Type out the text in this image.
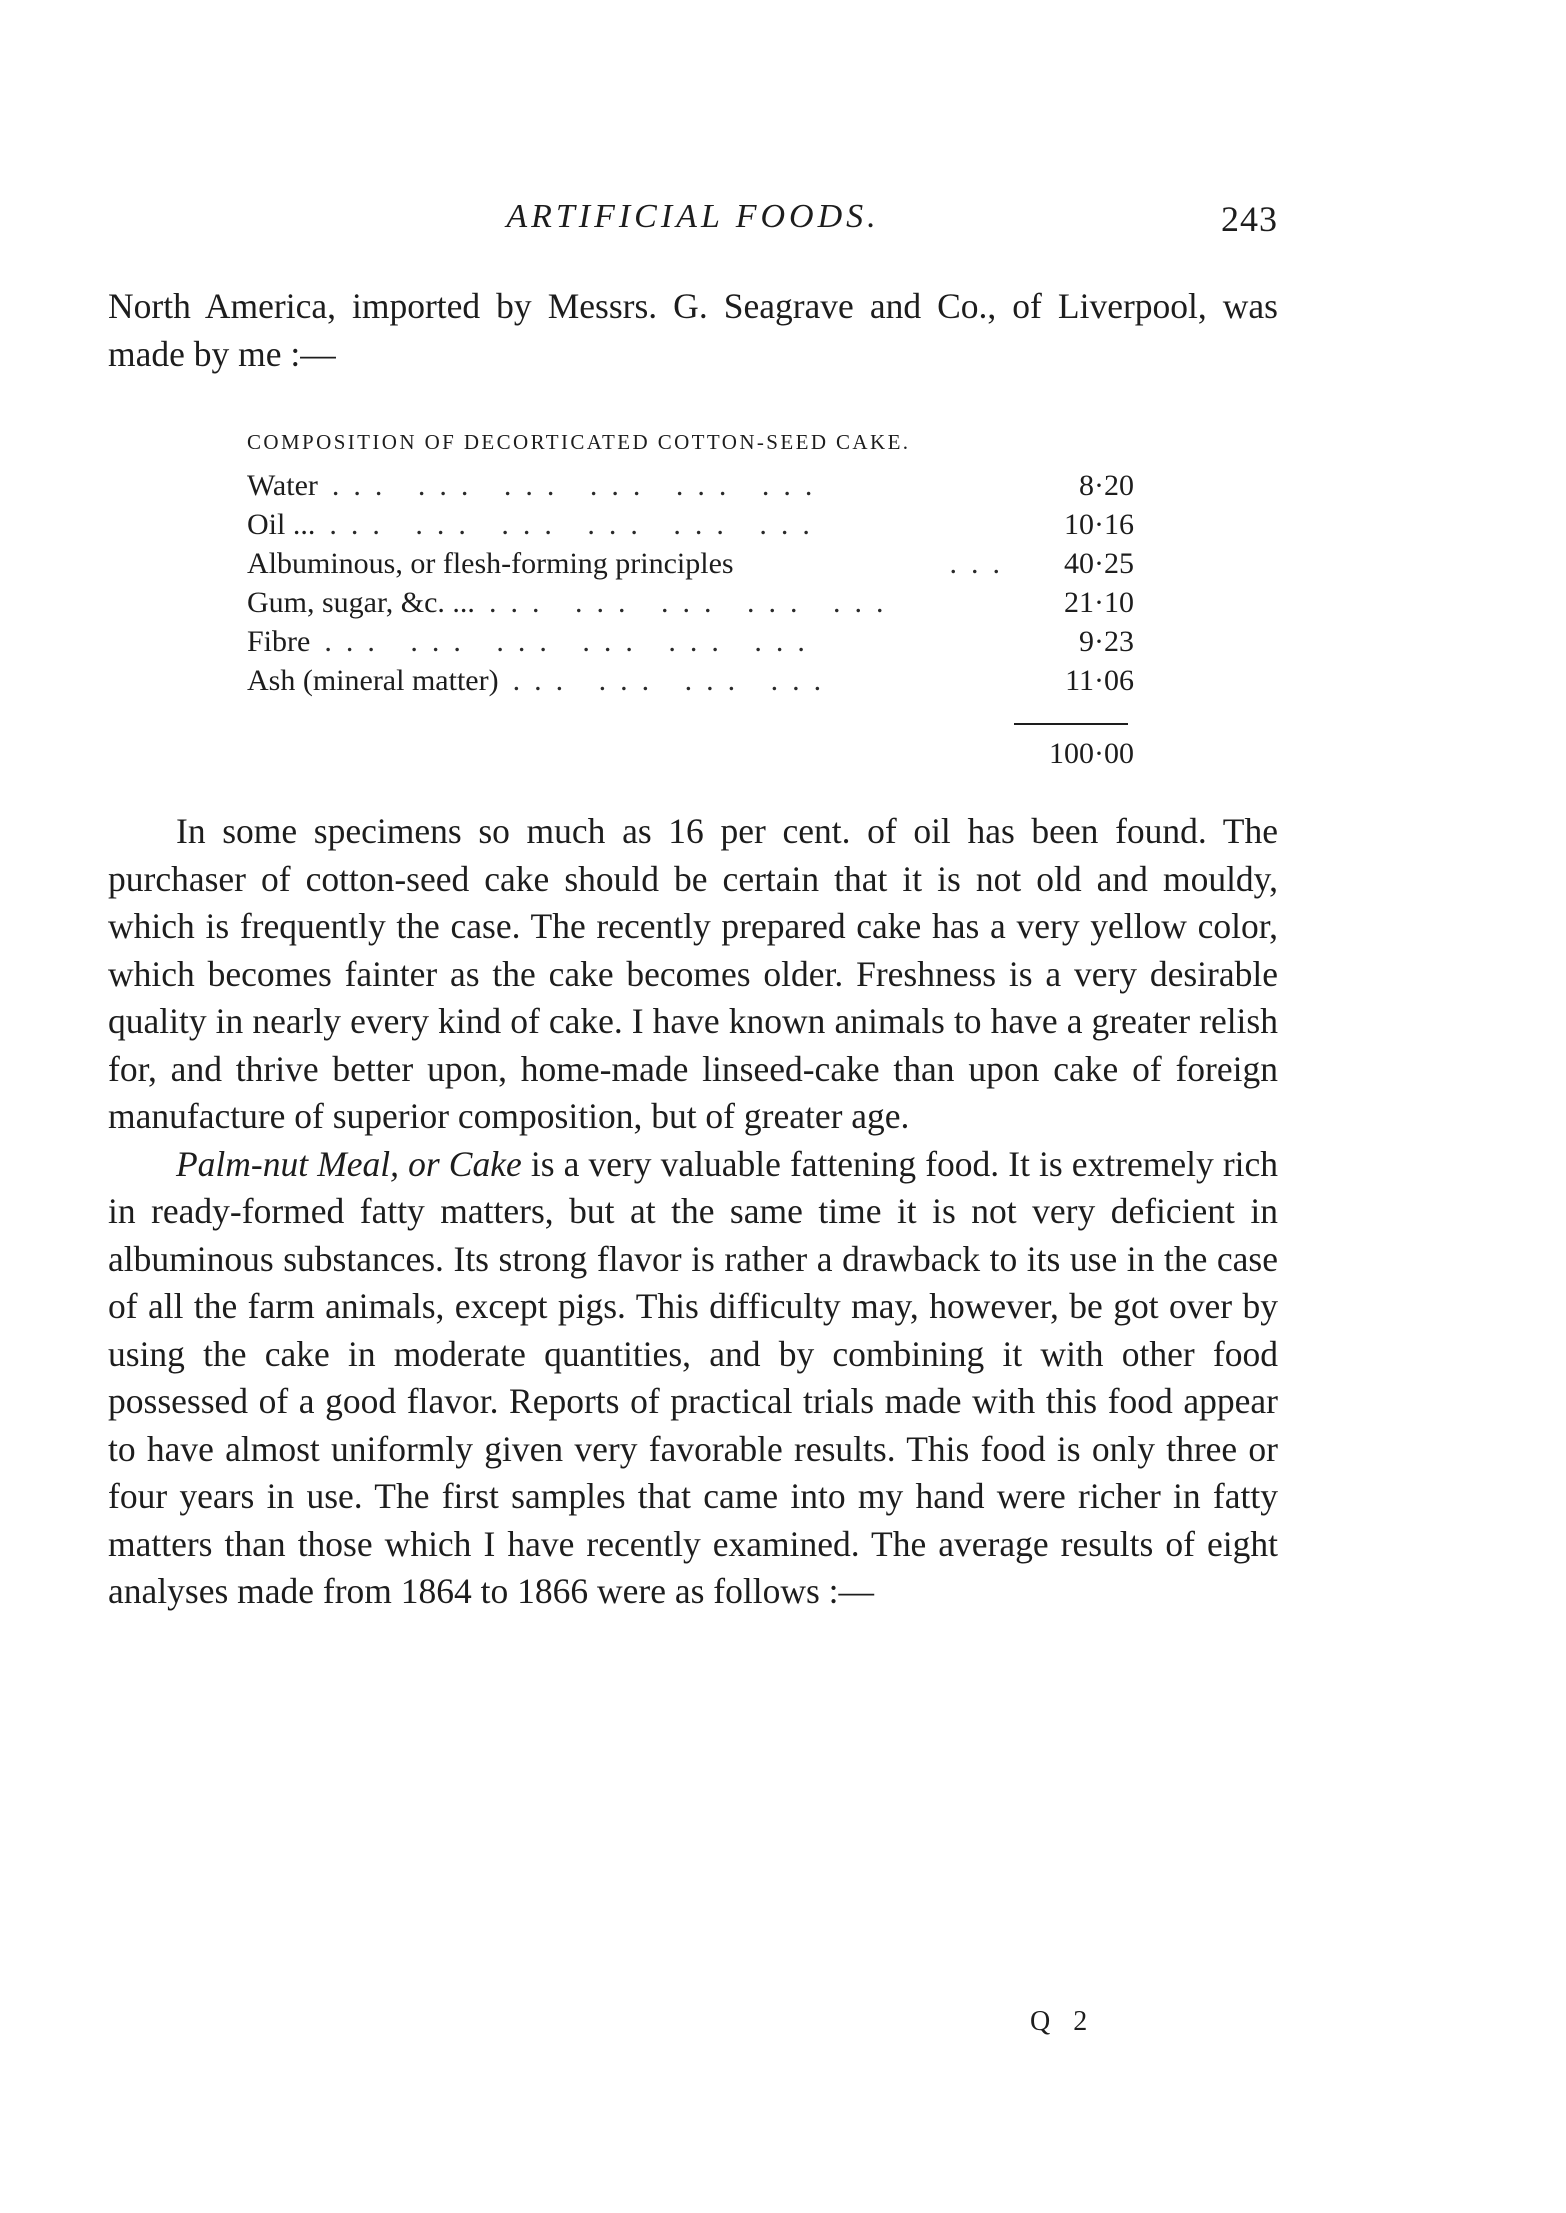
ARTIFICIAL FOODS.	243

North America, imported by Messrs. G. Seagrave and Co., of Liverpool, was made by me :—

COMPOSITION OF DECORTICATED COTTON-SEED CAKE.
Water ... ... ... ... ... ...	8·20
Oil ... ... ... ... ... ... ...	10·16
Albuminous, or flesh-forming principles	...	40·25
Gum, sugar, &c. ... ... ... ... ... ...	21·10
Fibre ... ... ... ... ... ...	9·23
Ash (mineral matter) ... ... ... ...	11·06
100·00

In some specimens so much as 16 per cent. of oil has been found. The purchaser of cotton-seed cake should be certain that it is not old and mouldy, which is frequently the case. The recently prepared cake has a very yellow color, which becomes fainter as the cake becomes older. Freshness is a very desirable quality in nearly every kind of cake. I have known animals to have a greater relish for, and thrive better upon, home-made linseed-cake than upon cake of foreign manufacture of superior composition, but of greater age.

Palm-nut Meal, or Cake is a very valuable fattening food. It is extremely rich in ready-formed fatty matters, but at the same time it is not very deficient in albuminous substances. Its strong flavor is rather a drawback to its use in the case of all the farm animals, except pigs. This difficulty may, however, be got over by using the cake in moderate quantities, and by combining it with other food possessed of a good flavor. Reports of practical trials made with this food appear to have almost uniformly given very favorable results. This food is only three or four years in use. The first samples that came into my hand were richer in fatty matters than those which I have recently examined. The average results of eight analyses made from 1864 to 1866 were as follows :—

Q 2
